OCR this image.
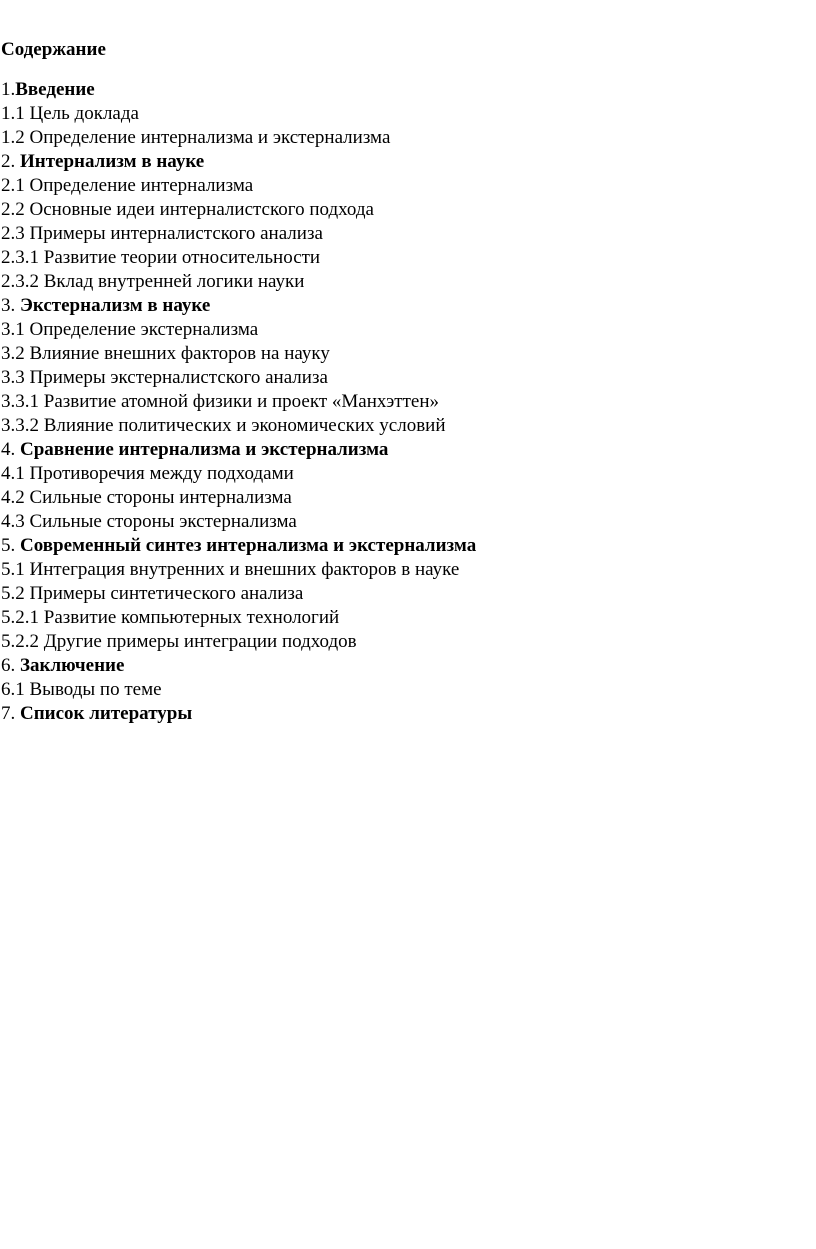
Содержание
1.Введение
1.1 Цель доклада
1.2 Определение интернализма и экстернализма
2. Интернализм в науке
2.1 Определение интернализма
2.2 Основные идеи интерналистского подхода
2.3 Примеры интерналистского анализа
2.3.1 Развитие теории относительности
2.3.2 Вклад внутренней логики науки
3. Экстернализм в науке
3.1 Определение экстернализма
3.2 Влияние внешних факторов на науку
3.3 Примеры экстерналистского анализа
3.3.1 Развитие атомной физики и проект «Манхэттен»
3.3.2 Влияние политических и экономических условий
4. Сравнение интернализма и экстернализма
4.1 Противоречия между подходами
4.2 Сильные стороны интернализма
4.3 Сильные стороны экстернализма
5. Современный синтез интернализма и экстернализма
5.1 Интеграция внутренних и внешних факторов в науке
5.2 Примеры синтетического анализа
5.2.1 Развитие компьютерных технологий
5.2.2 Другие примеры интеграции подходов
6. Заключение
6.1 Выводы по теме
7. Список литературы
